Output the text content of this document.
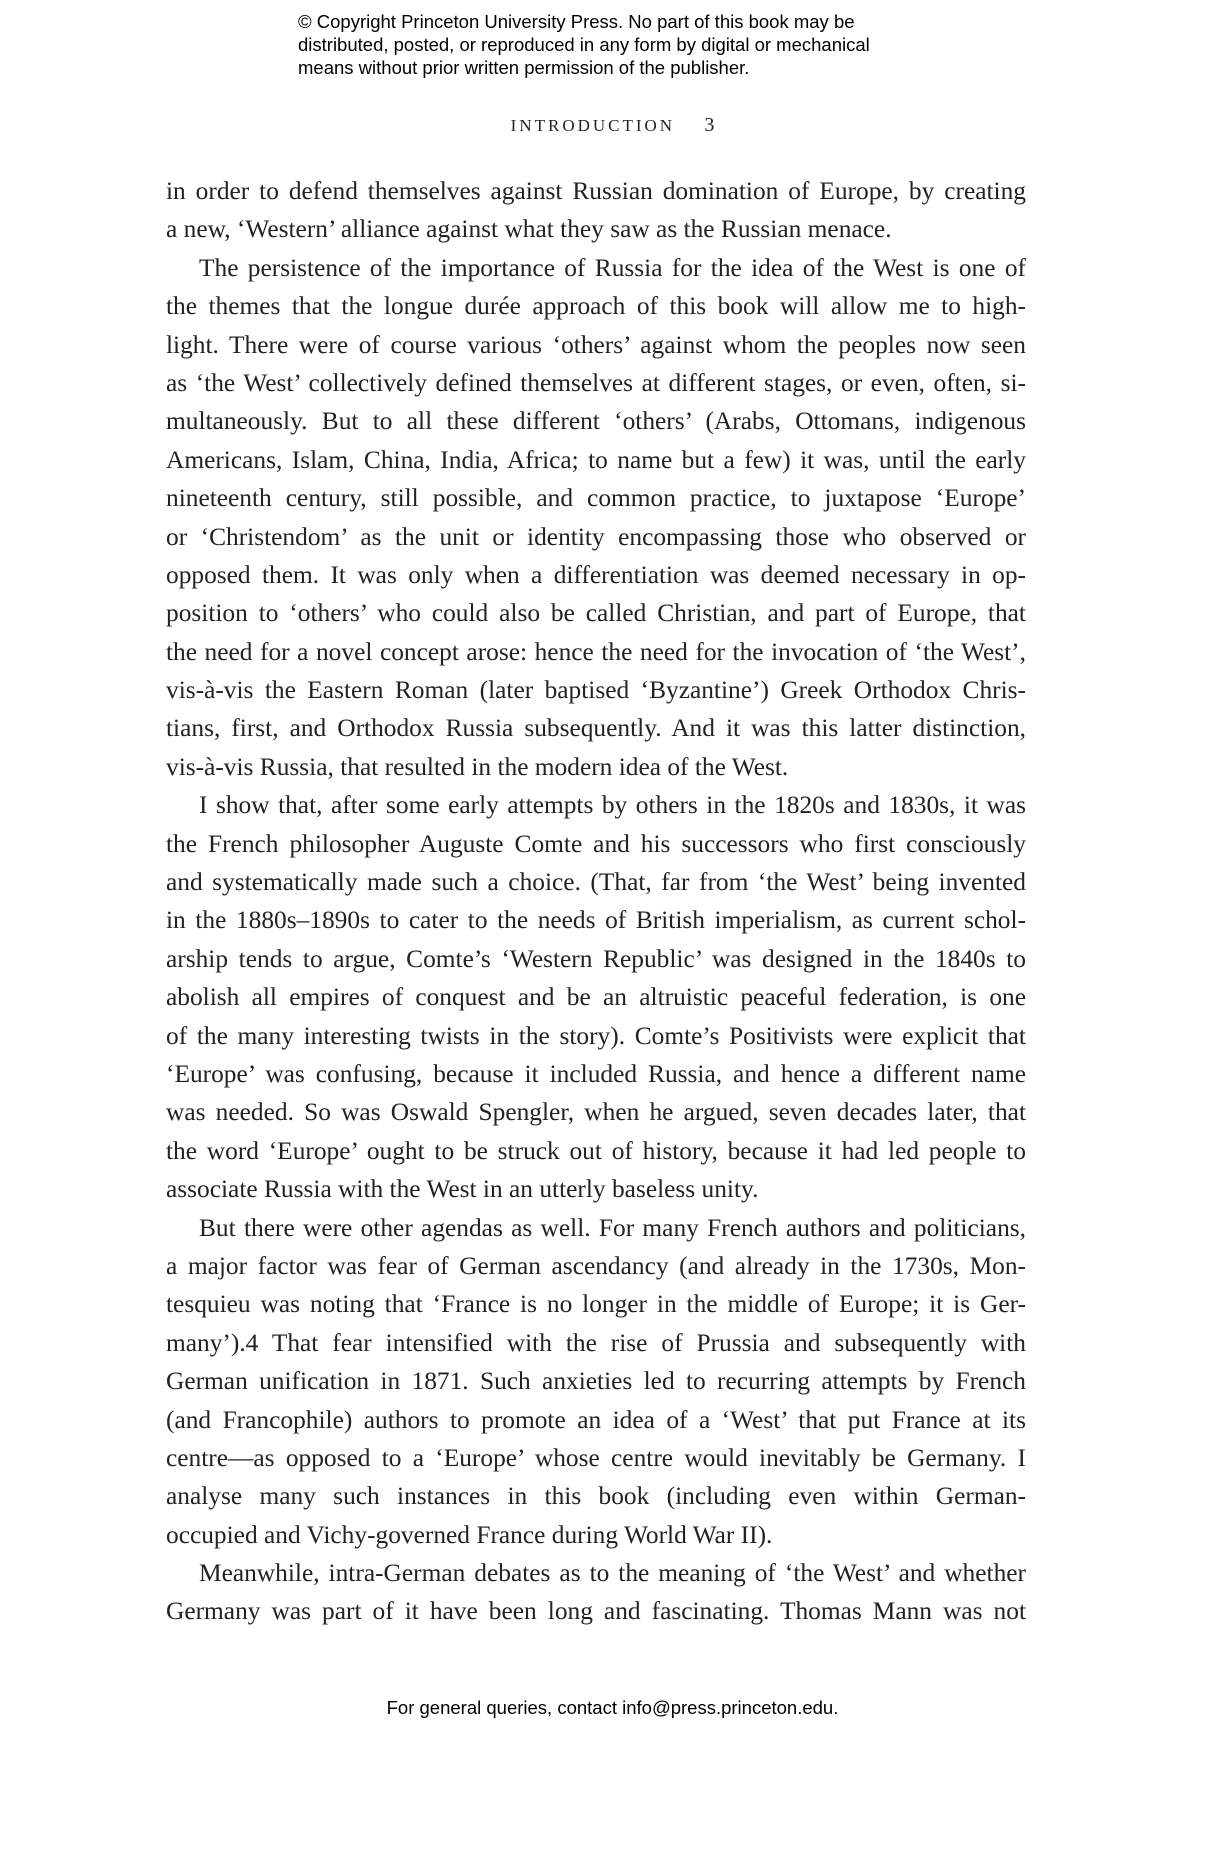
© Copyright Princeton University Press. No part of this book may be
distributed, posted, or reproduced in any form by digital or mechanical
means without prior written permission of the publisher.
INTRODUCTION 3
in order to defend themselves against Russian domination of Europe, by creating
a new, ‘Western’ alliance against what they saw as the Russian menace.
The persistence of the importance of Russia for the idea of the West is one of
the themes that the longue durée approach of this book will allow me to high-
light. There were of course various ‘others’ against whom the peoples now seen
as ‘the West’ collectively defined themselves at different stages, or even, often, si-
multaneously. But to all these different ‘others’ (Arabs, Ottomans, indigenous
Americans, Islam, China, India, Africa; to name but a few) it was, until the early
nineteenth century, still possible, and common practice, to juxtapose ‘Europe’
or ‘Christendom’ as the unit or identity encompassing those who observed or
opposed them. It was only when a differentiation was deemed necessary in op-
position to ‘others’ who could also be called Christian, and part of Europe, that
the need for a novel concept arose: hence the need for the invocation of ‘the West’,
vis-à-vis the Eastern Roman (later baptised ‘Byzantine’) Greek Orthodox Chris-
tians, first, and Orthodox Russia subsequently. And it was this latter distinction,
vis-à-vis Russia, that resulted in the modern idea of the West.
I show that, after some early attempts by others in the 1820s and 1830s, it was
the French philosopher Auguste Comte and his successors who first consciously
and systematically made such a choice. (That, far from ‘the West’ being invented
in the 1880s–1890s to cater to the needs of British imperialism, as current schol-
arship tends to argue, Comte’s ‘Western Republic’ was designed in the 1840s to
abolish all empires of conquest and be an altruistic peaceful federation, is one
of the many interesting twists in the story). Comte’s Positivists were explicit that
‘Europe’ was confusing, because it included Russia, and hence a different name
was needed. So was Oswald Spengler, when he argued, seven decades later, that
the word ‘Europe’ ought to be struck out of history, because it had led people to
associate Russia with the West in an utterly baseless unity.
But there were other agendas as well. For many French authors and politicians,
a major factor was fear of German ascendancy (and already in the 1730s, Mon-
tesquieu was noting that ‘France is no longer in the middle of Europe; it is Ger-
many’).4 That fear intensified with the rise of Prussia and subsequently with
German unification in 1871. Such anxieties led to recurring attempts by French
(and Francophile) authors to promote an idea of a ‘West’ that put France at its
centre—as opposed to a ‘Europe’ whose centre would inevitably be Germany. I
analyse many such instances in this book (including even within German-
occupied and Vichy-governed France during World War II).
Meanwhile, intra-German debates as to the meaning of ‘the West’ and whether
Germany was part of it have been long and fascinating. Thomas Mann was not
For general queries, contact info@press.princeton.edu.
